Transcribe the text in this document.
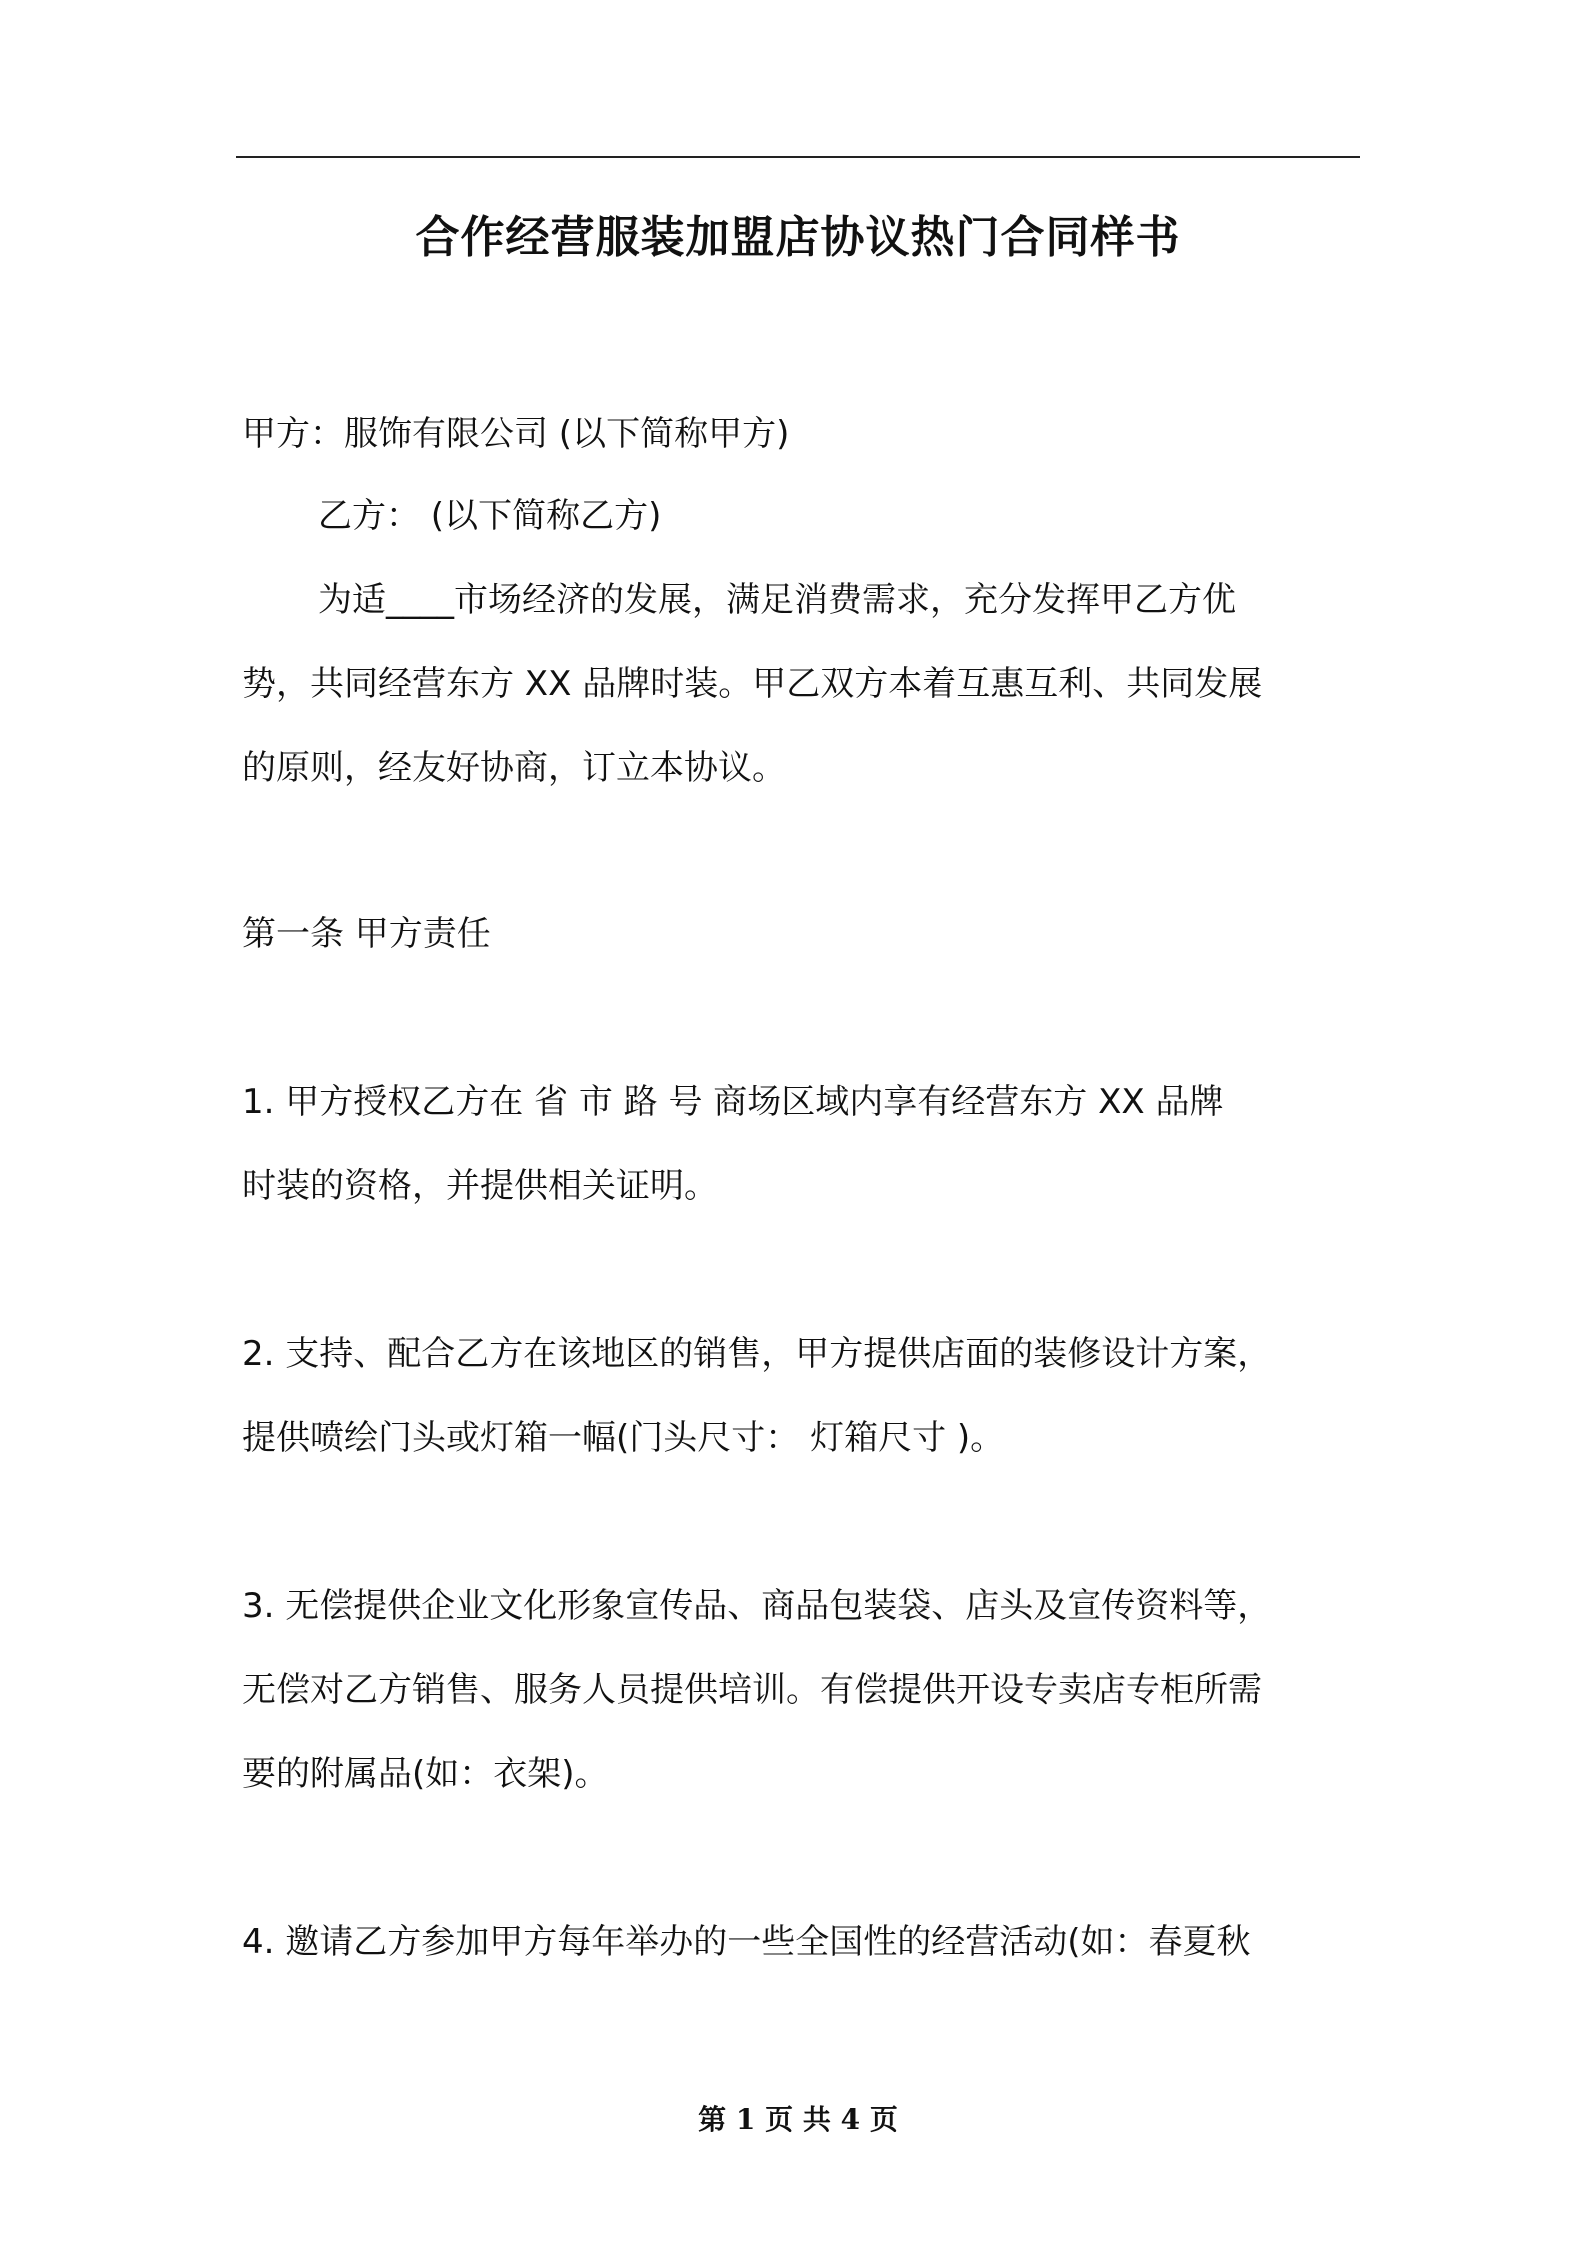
合作经营服装加盟店协议热门合同样书
甲方：服饰有限公司 (以下简称甲方)
乙方： (以下简称乙方)
为适____市场经济的发展，满足消费需求，充分发挥甲乙方优
势，共同经营东方 XX 品牌时装。甲乙双方本着互惠互利、共同发展
的原则，经友好协商，订立本协议。
第一条 甲方责任
1. 甲方授权乙方在 省 市 路 号 商场区域内享有经营东方 XX 品牌
时装的资格，并提供相关证明。
2. 支持、配合乙方在该地区的销售，甲方提供店面的装修设计方案，
提供喷绘门头或灯箱一幅(门头尺寸： 灯箱尺寸 )。
3. 无偿提供企业文化形象宣传品、商品包装袋、店头及宣传资料等，
无偿对乙方销售、服务人员提供培训。有偿提供开设专卖店专柜所需
要的附属品(如：衣架)。
4. 邀请乙方参加甲方每年举办的一些全国性的经营活动(如：春夏秋
第 1 页 共 4 页
